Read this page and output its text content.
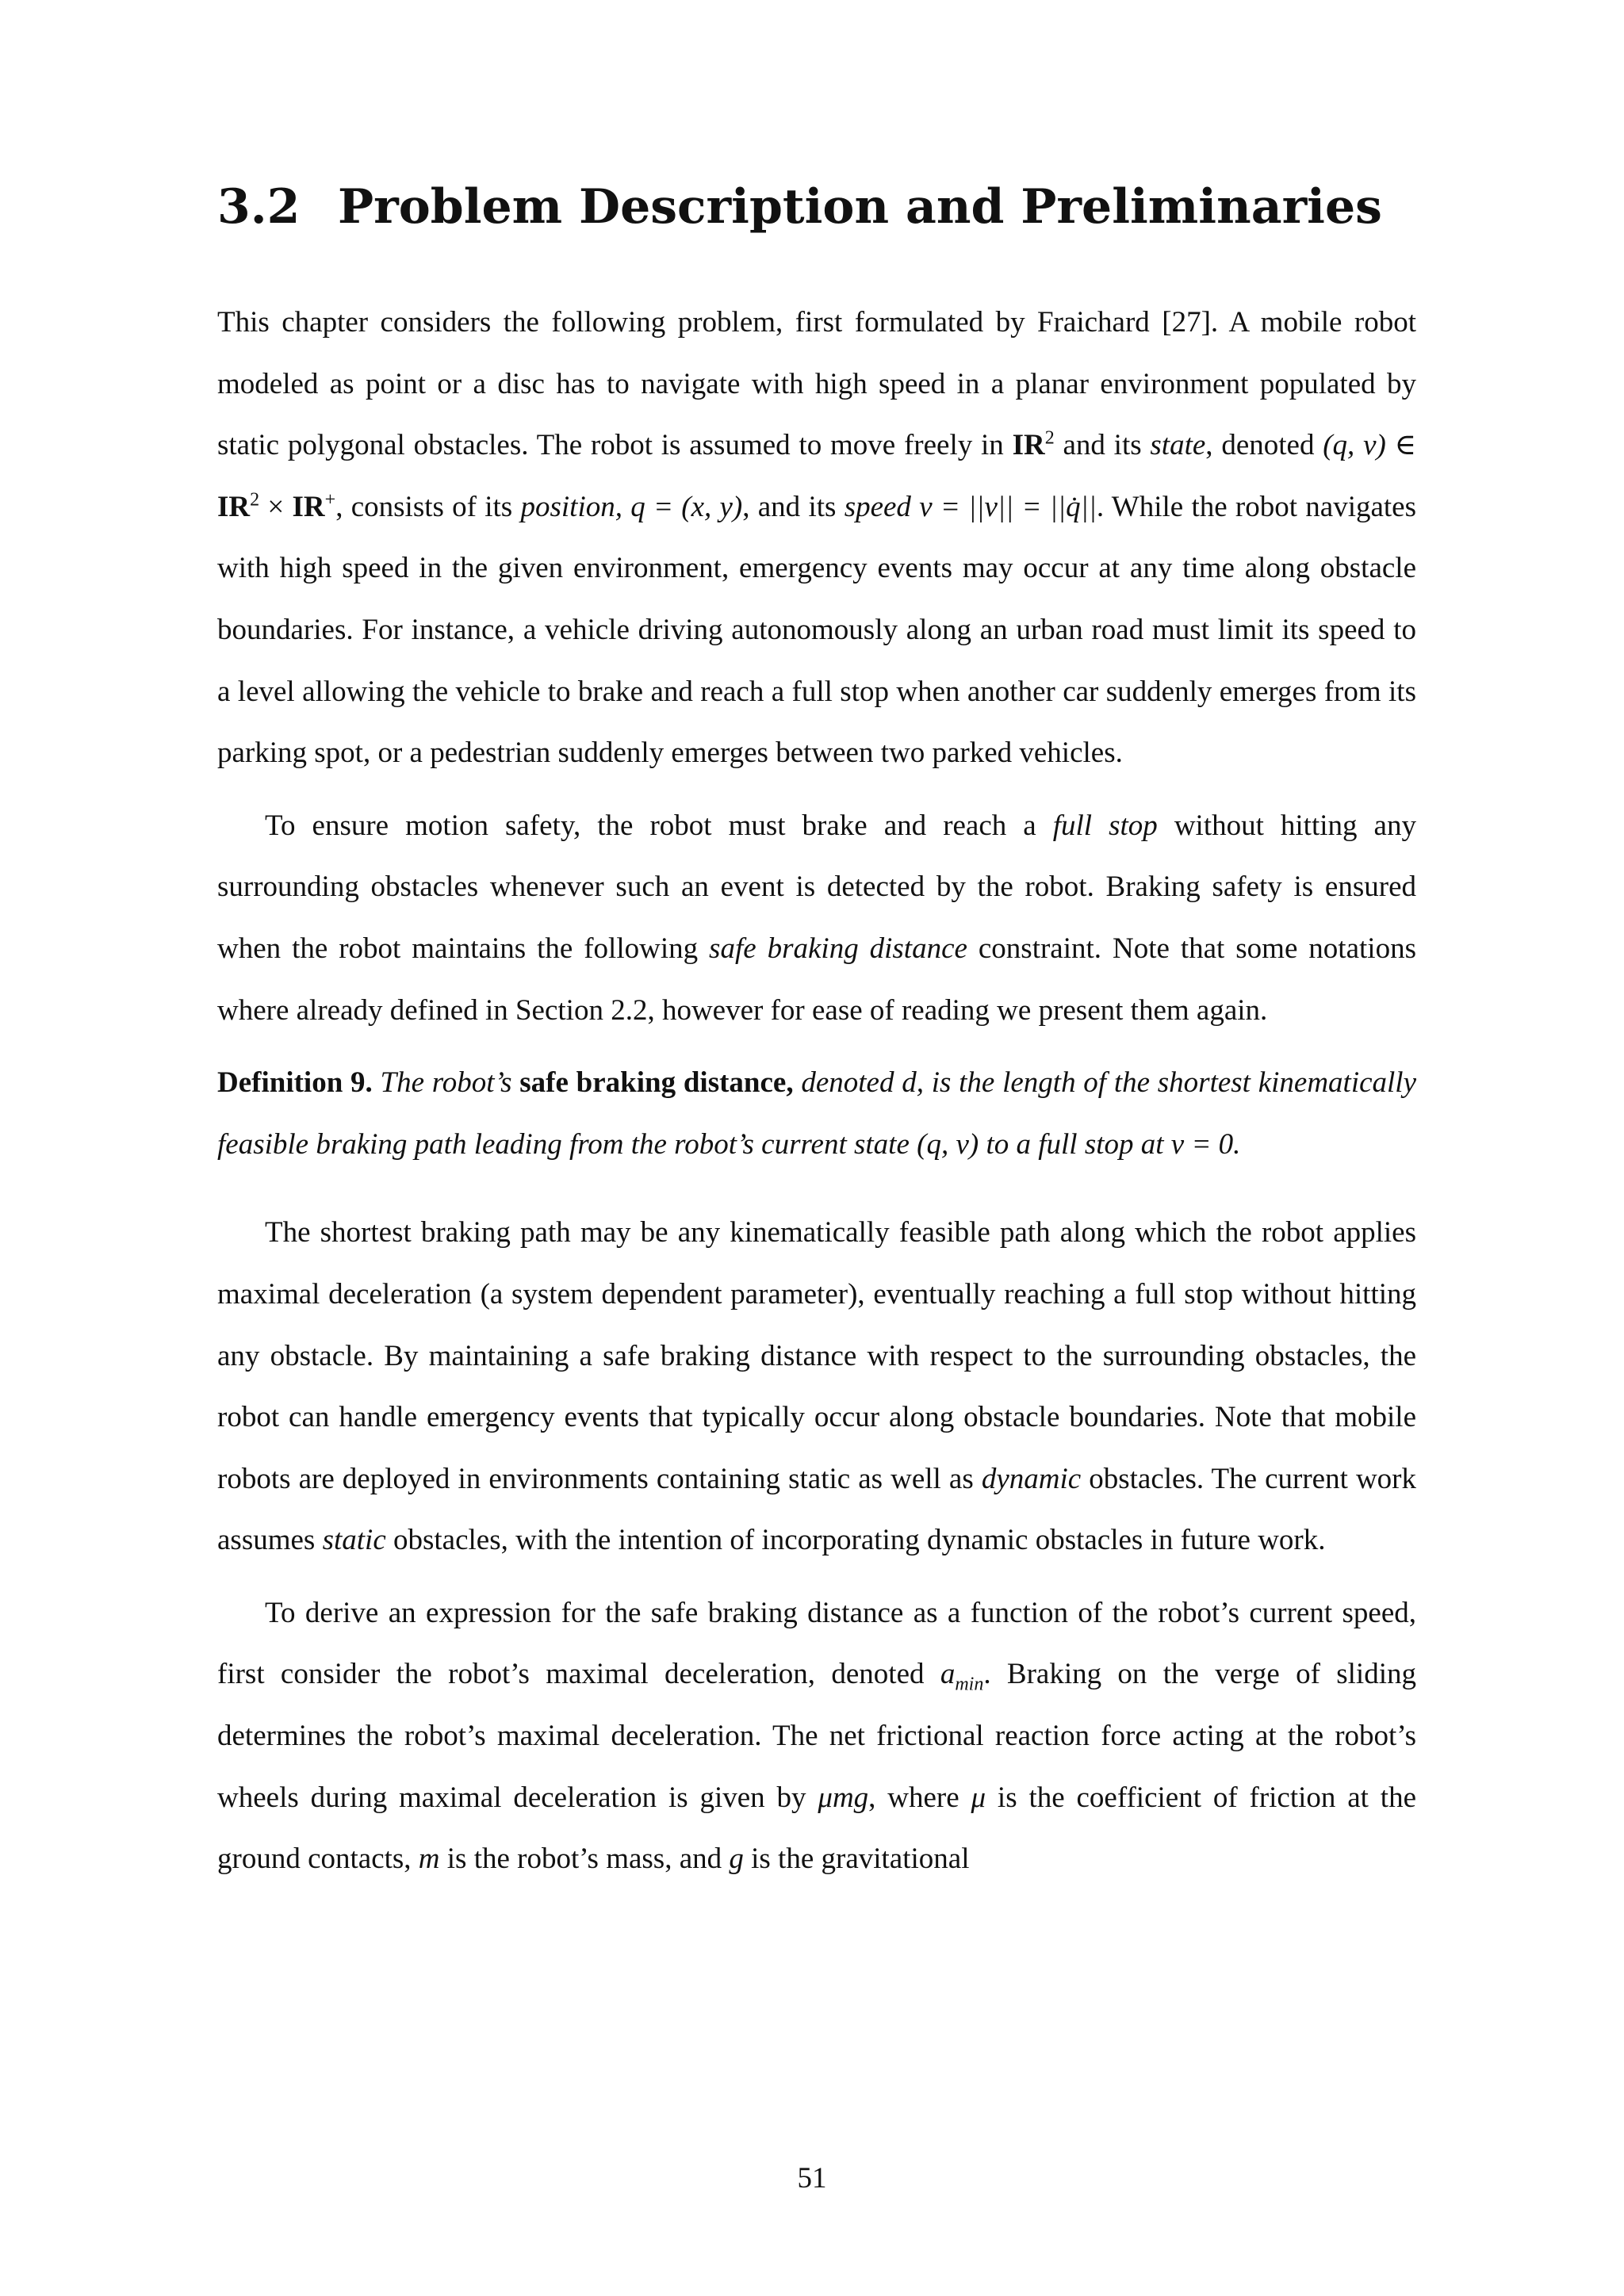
3.2 Problem Description and Preliminaries

This chapter considers the following problem, first formulated by Fraichard [27]. A mobile robot modeled as point or a disc has to navigate with high speed in a planar environment populated by static polygonal obstacles. The robot is assumed to move freely in $IR^2$ and its state, denoted (q, ν) ∈ $IR^2 \times IR^+$, consists of its position, q = (x, y), and its speed ν = ||v|| = ||q̇||. While the robot navigates with high speed in the given environment, emergency events may occur at any time along obstacle boundaries. For instance, a vehicle driving autonomously along an urban road must limit its speed to a level allowing the vehicle to brake and reach a full stop when another car suddenly emerges from its parking spot, or a pedestrian suddenly emerges between two parked vehicles.

To ensure motion safety, the robot must brake and reach a full stop without hitting any surrounding obstacles whenever such an event is detected by the robot. Braking safety is ensured when the robot maintains the following safe braking distance constraint. Note that some notations where already defined in Section 2.2, however for ease of reading we present them again.

Definition 9. The robot’s safe braking distance, denoted d, is the length of the shortest kinematically feasible braking path leading from the robot’s current state (q, ν) to a full stop at ν = 0.

The shortest braking path may be any kinematically feasible path along which the robot applies maximal deceleration (a system dependent parameter), eventually reaching a full stop without hitting any obstacle. By maintaining a safe braking distance with respect to the surrounding obstacles, the robot can handle emergency events that typically occur along obstacle boundaries. Note that mobile robots are deployed in environments containing static as well as dynamic obstacles. The current work assumes static obstacles, with the intention of incorporating dynamic obstacles in future work.

To derive an expression for the safe braking distance as a function of the robot’s current speed, first consider the robot’s maximal deceleration, denoted $a_{min}$. Braking on the verge of sliding determines the robot’s maximal deceleration. The net frictional reaction force acting at the robot’s wheels during maximal deceleration is given by μmg, where μ is the coefficient of friction at the ground contacts, m is the robot’s mass, and g is the gravitational

51
